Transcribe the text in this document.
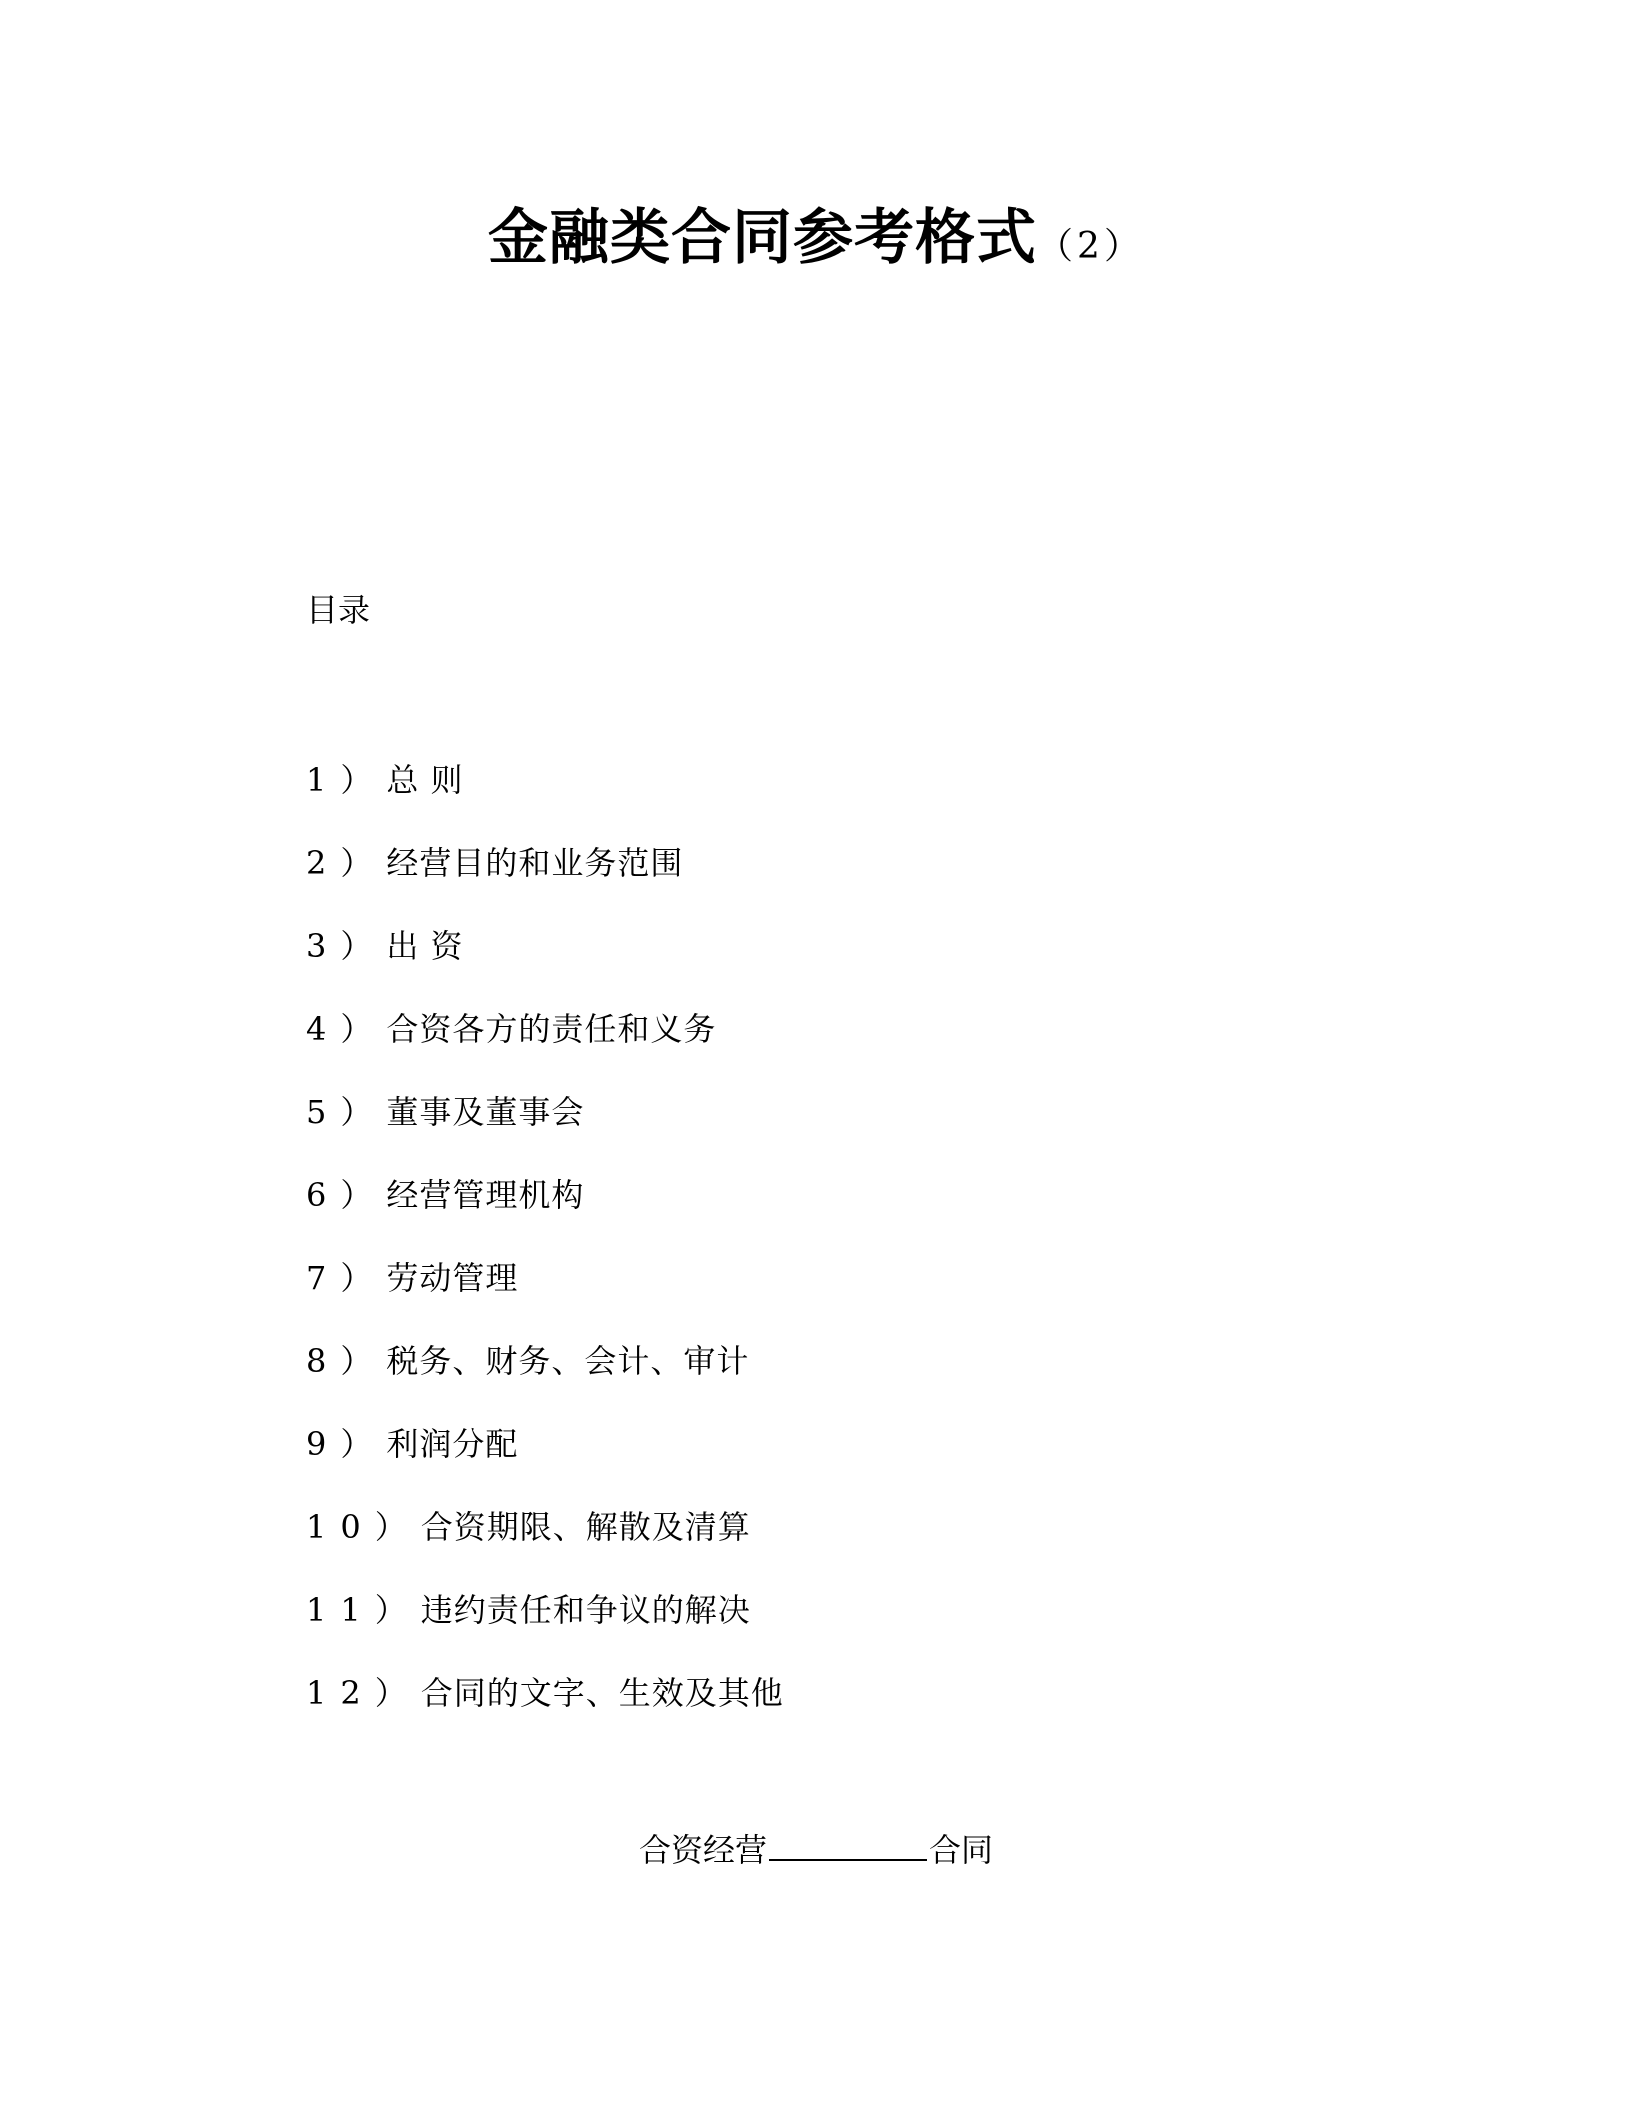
金融类合同参考格式（2）
目录
1）总 则
2）经营目的和业务范围
3）出 资
4）合资各方的责任和义务
5）董事及董事会
6）经营管理机构
7）劳动管理
8）税务、财务、会计、审计
9）利润分配
10）合资期限、解散及清算
11）违约责任和争议的解决
12）合同的文字、生效及其他
合资经营	合同
